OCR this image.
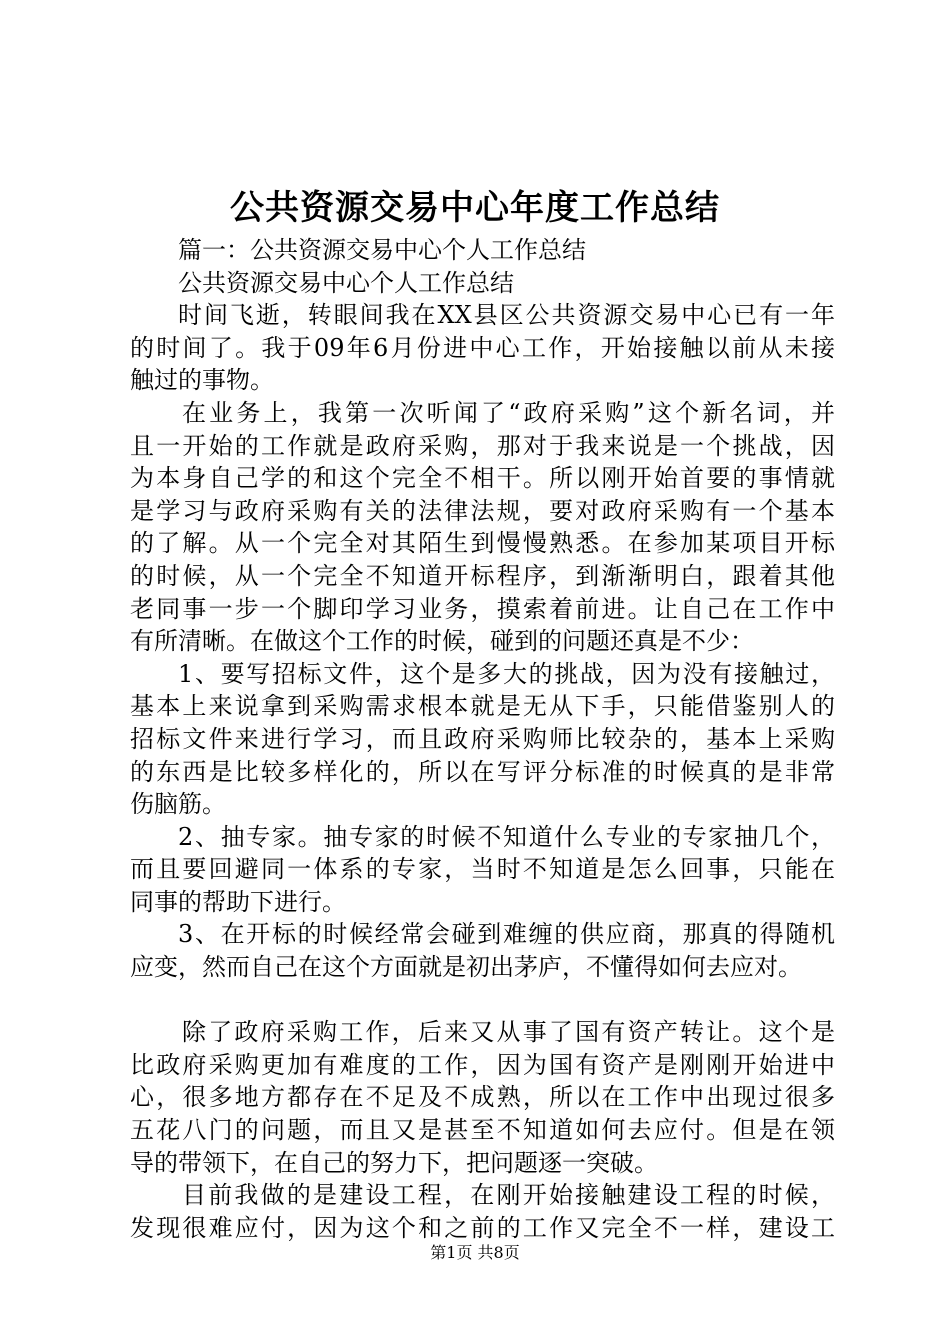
公共资源交易中心年度工作总结
篇一：公共资源交易中心个人工作总结
公共资源交易中心个人工作总结
时间飞逝，转眼间我在XX县区公共资源交易中心已有一年
的时间了。我于09年6月份进中心工作，开始接触以前从未接
触过的事物。
在业务上，我第一次听闻了“政府采购”这个新名词，并
且一开始的工作就是政府采购，那对于我来说是一个挑战，因
为本身自己学的和这个完全不相干。所以刚开始首要的事情就
是学习与政府采购有关的法律法规，要对政府采购有一个基本
的了解。从一个完全对其陌生到慢慢熟悉。在参加某项目开标
的时候，从一个完全不知道开标程序，到渐渐明白，跟着其他
老同事一步一个脚印学习业务，摸索着前进。让自己在工作中
有所清晰。在做这个工作的时候，碰到的问题还真是不少：
1、要写招标文件，这个是多大的挑战，因为没有接触过，
基本上来说拿到采购需求根本就是无从下手，只能借鉴别人的
招标文件来进行学习，而且政府采购师比较杂的，基本上采购
的东西是比较多样化的，所以在写评分标准的时候真的是非常
伤脑筋。
2、抽专家。抽专家的时候不知道什么专业的专家抽几个，
而且要回避同一体系的专家，当时不知道是怎么回事，只能在
同事的帮助下进行。
3、在开标的时候经常会碰到难缠的供应商，那真的得随机
应变，然而自己在这个方面就是初出茅庐，不懂得如何去应对。
除了政府采购工作，后来又从事了国有资产转让。这个是
比政府采购更加有难度的工作，因为国有资产是刚刚开始进中
心，很多地方都存在不足及不成熟，所以在工作中出现过很多
五花八门的问题，而且又是甚至不知道如何去应付。但是在领
导的带领下，在自己的努力下，把问题逐一突破。
目前我做的是建设工程，在刚开始接触建设工程的时候，
发现很难应付，因为这个和之前的工作又完全不一样，建设工
第1页 共8页
